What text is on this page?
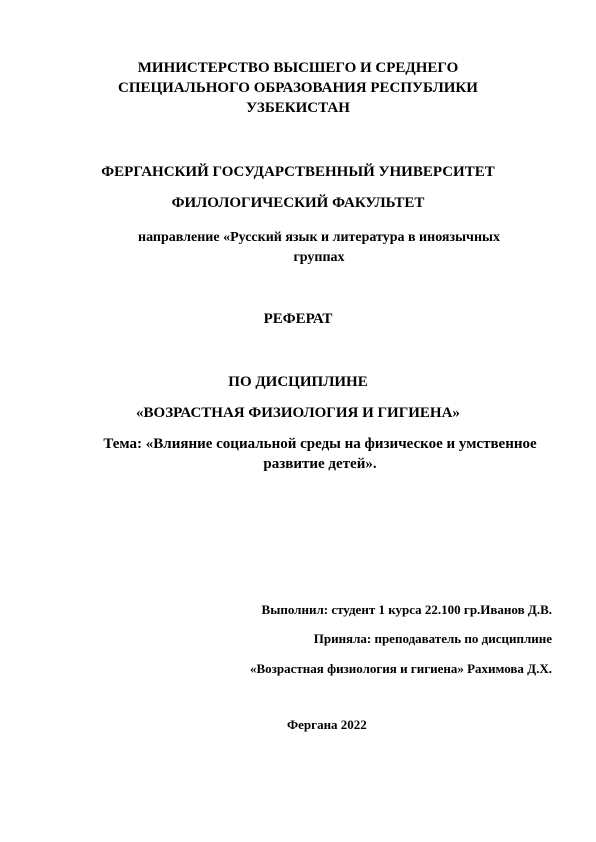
МИНИСТЕРСТВО ВЫСШЕГО И СРЕДНЕГО
СПЕЦИАЛЬНОГО ОБРАЗОВАНИЯ РЕСПУБЛИКИ
УЗБЕКИСТАН

ФЕРГАНСКИЙ ГОСУДАРСТВЕННЫЙ УНИВЕРСИТЕТ

ФИЛОЛОГИЧЕСКИЙ ФАКУЛЬТЕТ

направление «Русский язык и литература в иноязычных
группах

РЕФЕРАТ

ПО ДИСЦИПЛИНЕ

«ВОЗРАСТНАЯ ФИЗИОЛОГИЯ И ГИГИЕНА»

Тема: «Влияние социальной среды на физическое и умственное
развитие детей».

Выполнил: студент 1 курса 22.100 гр.Иванов Д.В.

Приняла: преподаватель по дисциплине

«Возрастная физиология и гигиена» Рахимова Д.Х.

Фергана 2022
